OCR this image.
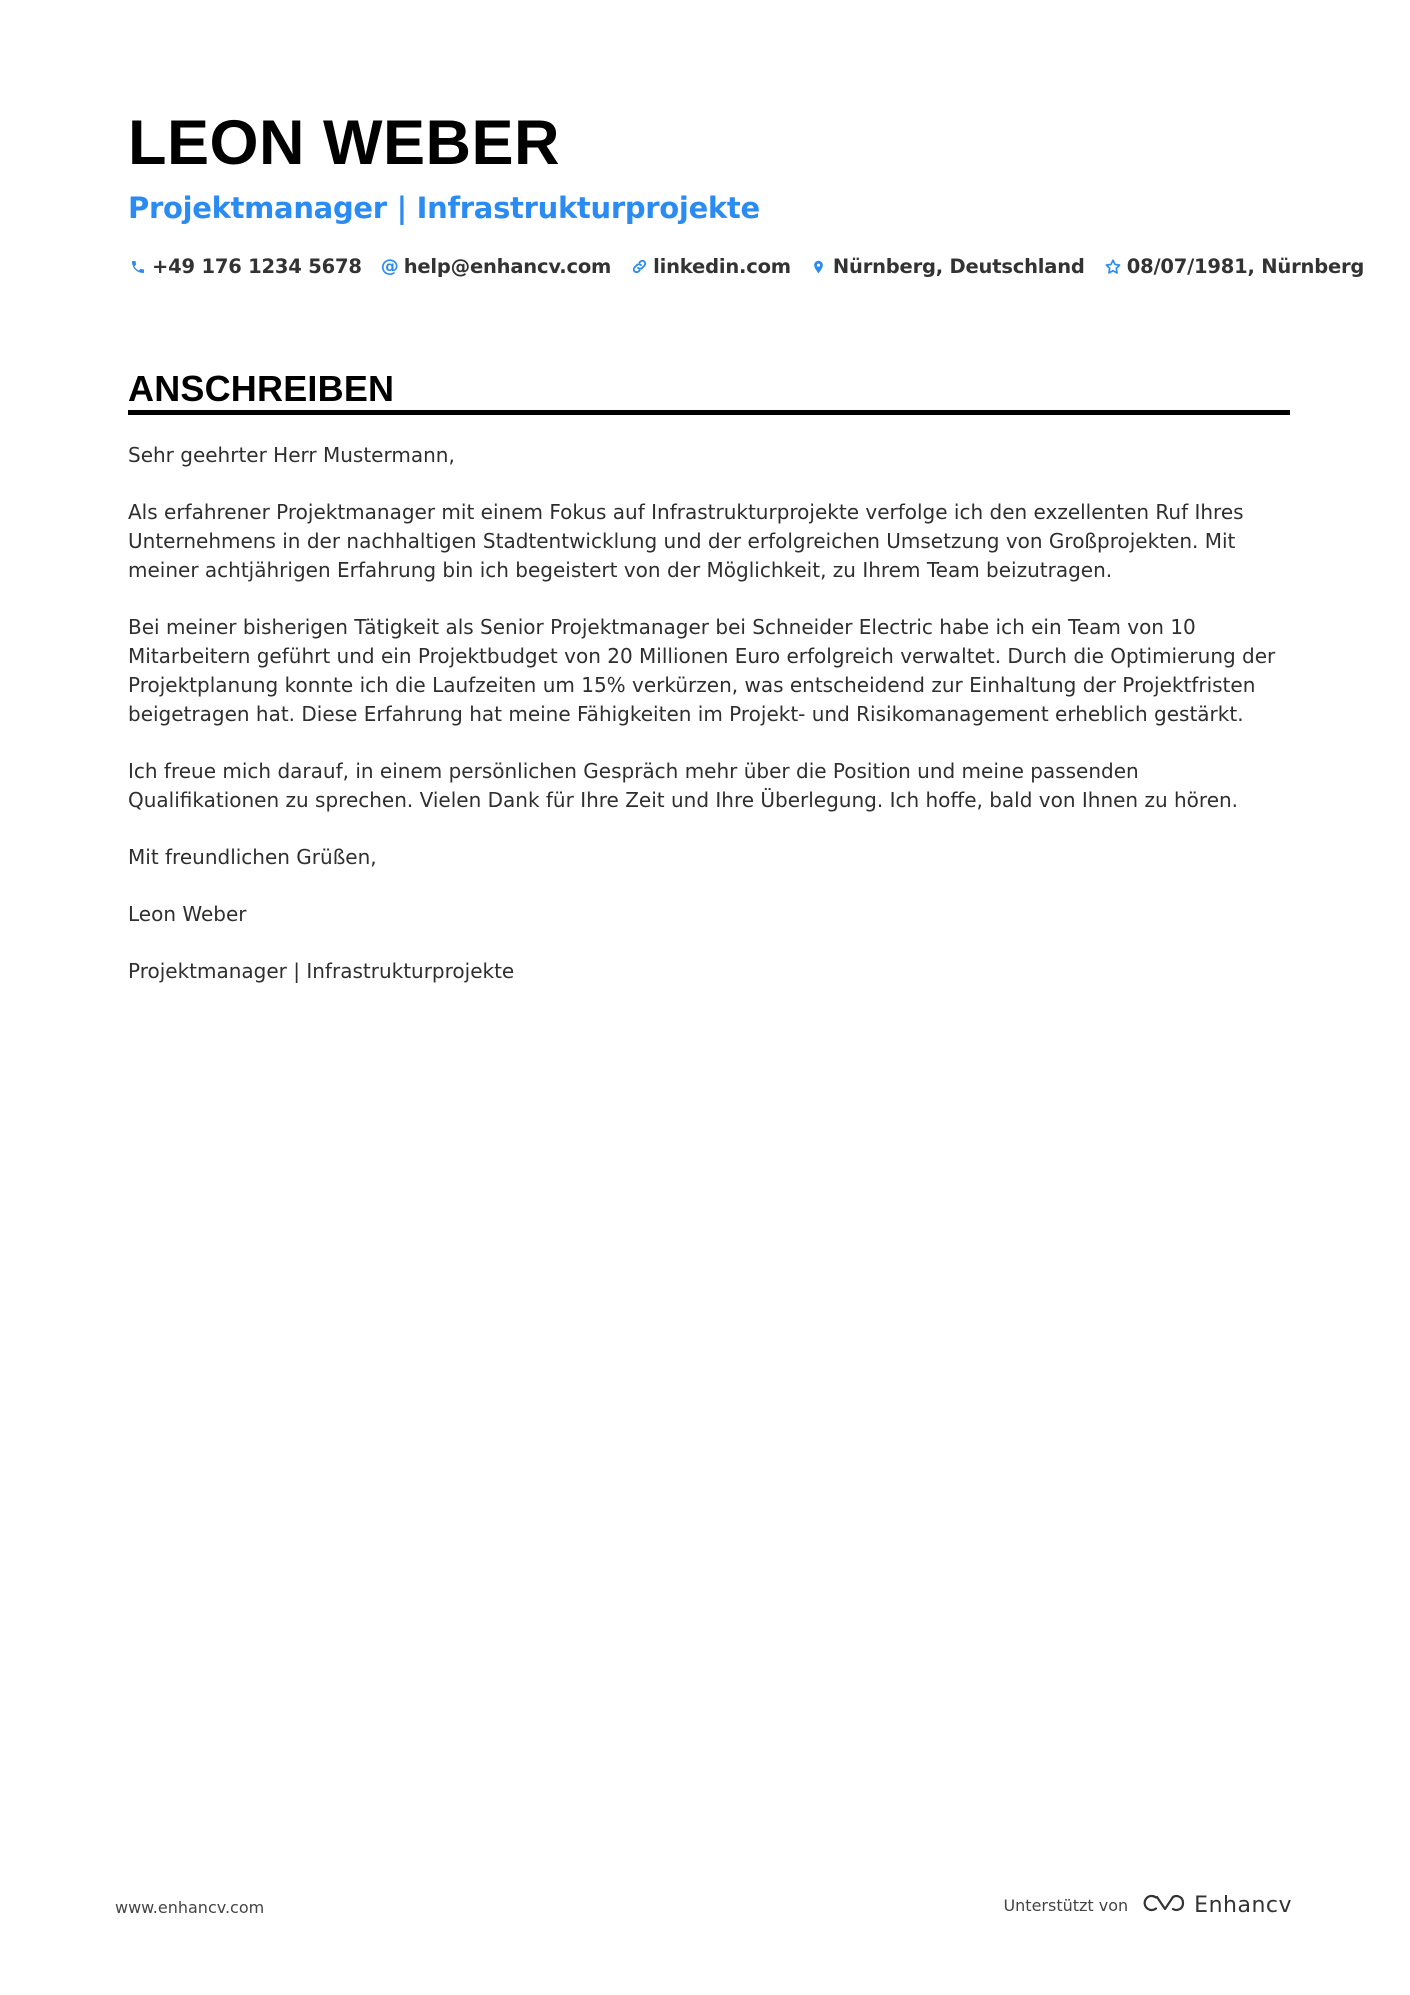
LEON WEBER
Projektmanager | Infrastrukturprojekte
+49 176 1234 5678 @ help@enhancv.com linkedin.com Nürnberg, Deutschland 08/07/1981, Nürnberg
ANSCHREIBEN

Sehr geehrter Herr Mustermann,

Als erfahrener Projektmanager mit einem Fokus auf Infrastrukturprojekte verfolge ich den exzellenten Ruf Ihres Unternehmens in der nachhaltigen Stadtentwicklung und der erfolgreichen Umsetzung von Großprojekten. Mit meiner achtjährigen Erfahrung bin ich begeistert von der Möglichkeit, zu Ihrem Team beizutragen.

Bei meiner bisherigen Tätigkeit als Senior Projektmanager bei Schneider Electric habe ich ein Team von 10 Mitarbeitern geführt und ein Projektbudget von 20 Millionen Euro erfolgreich verwaltet. Durch die Optimierung der Projektplanung konnte ich die Laufzeiten um 15% verkürzen, was entscheidend zur Einhaltung der Projektfristen beigetragen hat. Diese Erfahrung hat meine Fähigkeiten im Projekt- und Risikomanagement erheblich gestärkt.

Ich freue mich darauf, in einem persönlichen Gespräch mehr über die Position und meine passenden Qualifikationen zu sprechen. Vielen Dank für Ihre Zeit und Ihre Überlegung. Ich hoffe, bald von Ihnen zu hören.

Mit freundlichen Grüßen,

Leon Weber

Projektmanager | Infrastrukturprojekte

www.enhancv.com	Unterstützt von	Enhancv
